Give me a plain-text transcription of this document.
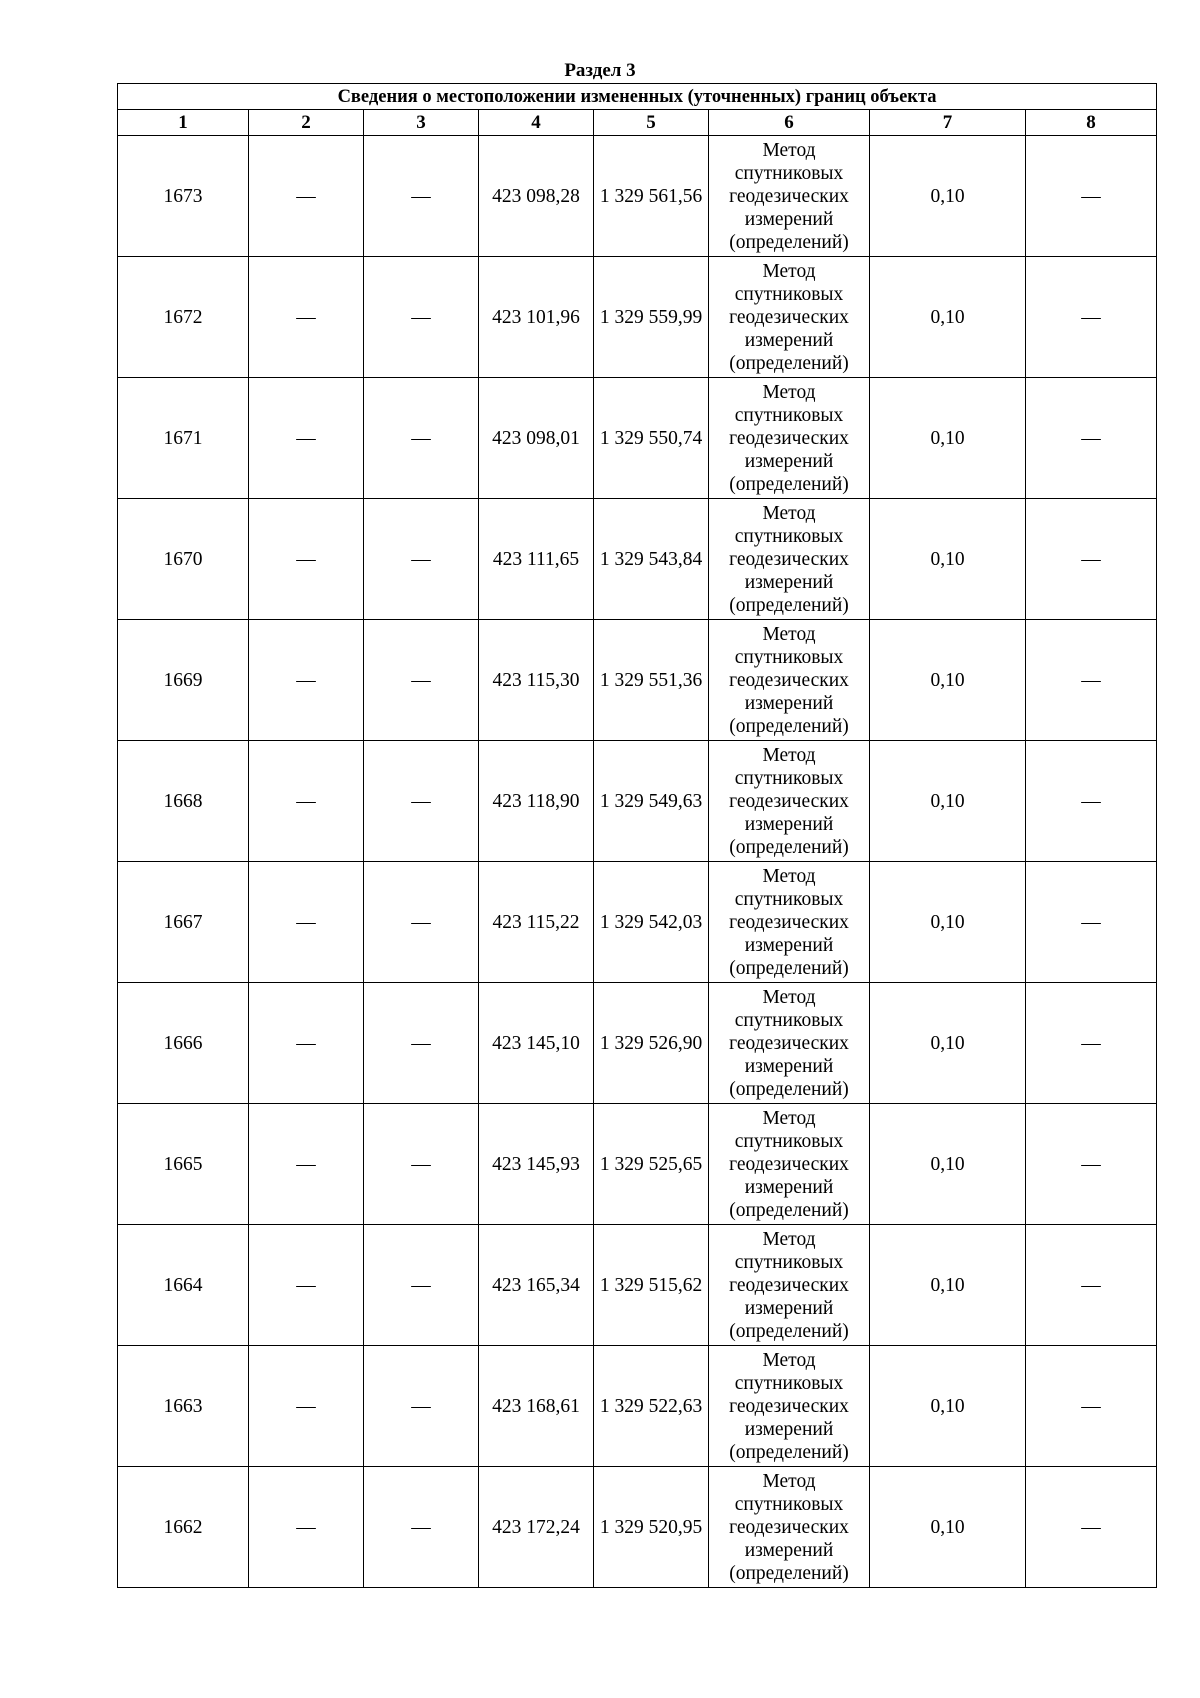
Раздел 3
Сведения о местоположении измененных (уточненных) границ объекта							
1	2	3	4	5	6	7	8
1673	—	—	423 098,28	1 329 561,56	Метод
спутниковых
геодезических
измерений
(определений)	0,10	—
1672	—	—	423 101,96	1 329 559,99	Метод
спутниковых
геодезических
измерений
(определений)	0,10	—
1671	—	—	423 098,01	1 329 550,74	Метод
спутниковых
геодезических
измерений
(определений)	0,10	—
1670	—	—	423 111,65	1 329 543,84	Метод
спутниковых
геодезических
измерений
(определений)	0,10	—
1669	—	—	423 115,30	1 329 551,36	Метод
спутниковых
геодезических
измерений
(определений)	0,10	—
1668	—	—	423 118,90	1 329 549,63	Метод
спутниковых
геодезических
измерений
(определений)	0,10	—
1667	—	—	423 115,22	1 329 542,03	Метод
спутниковых
геодезических
измерений
(определений)	0,10	—
1666	—	—	423 145,10	1 329 526,90	Метод
спутниковых
геодезических
измерений
(определений)	0,10	—
1665	—	—	423 145,93	1 329 525,65	Метод
спутниковых
геодезических
измерений
(определений)	0,10	—
1664	—	—	423 165,34	1 329 515,62	Метод
спутниковых
геодезических
измерений
(определений)	0,10	—
1663	—	—	423 168,61	1 329 522,63	Метод
спутниковых
геодезических
измерений
(определений)	0,10	—
1662	—	—	423 172,24	1 329 520,95	Метод
спутниковых
геодезических
измерений
(определений)	0,10	—
